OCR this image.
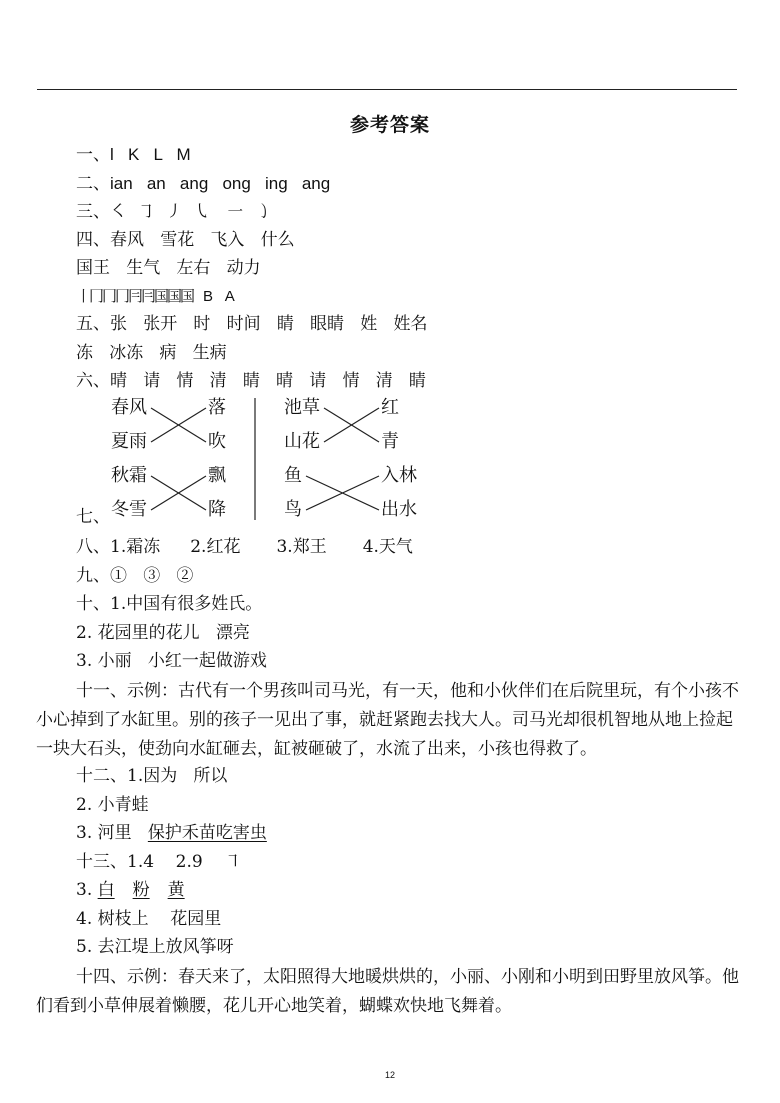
参考答案
一、l   K   L   M
二、ian   an   ang   ong   ing   ang
三、㇛  ㇆  ㇓  ㇂   ㇐  ㇁
四、春风   雪花   飞入   什么
国王   生气   左右   动力
丨冂冂冂冃冃国国国 B   A
五、张   张开   时   时间   睛   眼睛   姓   姓名
冻   冰冻   病   生病
六、晴   请   情   清   睛   晴   请   情   清   睛
春风
夏雨
落
吹
秋霜
冬雪
飘
降
池草
山花
红
青
鱼
鸟
入林
出水
七、
八、1.霜冻 2.红花 3.郑王 4.天气
九、①   ③   ②
十、1.中国有很多姓氏。
2. 花园里的花儿   漂亮
3. 小丽   小红一起做游戏
十一、示例：古代有一个男孩叫司马光，有一天，他和小伙伴们在后院里玩，有个小孩不小心掉到了水缸里。别的孩子一见出了事，就赶紧跑去找大人。司马光却很机智地从地上捡起一块大石头，使劲向水缸砸去，缸被砸破了，水流了出来，小孩也得救了。
十二、1.因为   所以
2. 小青蛙
3. 河里   保护禾苗吃害虫
十三、1.4    2.9    ㇕
3. 白 粉 黄
4. 树枝上    花园里
5. 去江堤上放风筝呀
十四、示例：春天来了，太阳照得大地暖烘烘的，小丽、小刚和小明到田野里放风筝。他们看到小草伸展着懒腰，花儿开心地笑着，蝴蝶欢快地飞舞着。
12
